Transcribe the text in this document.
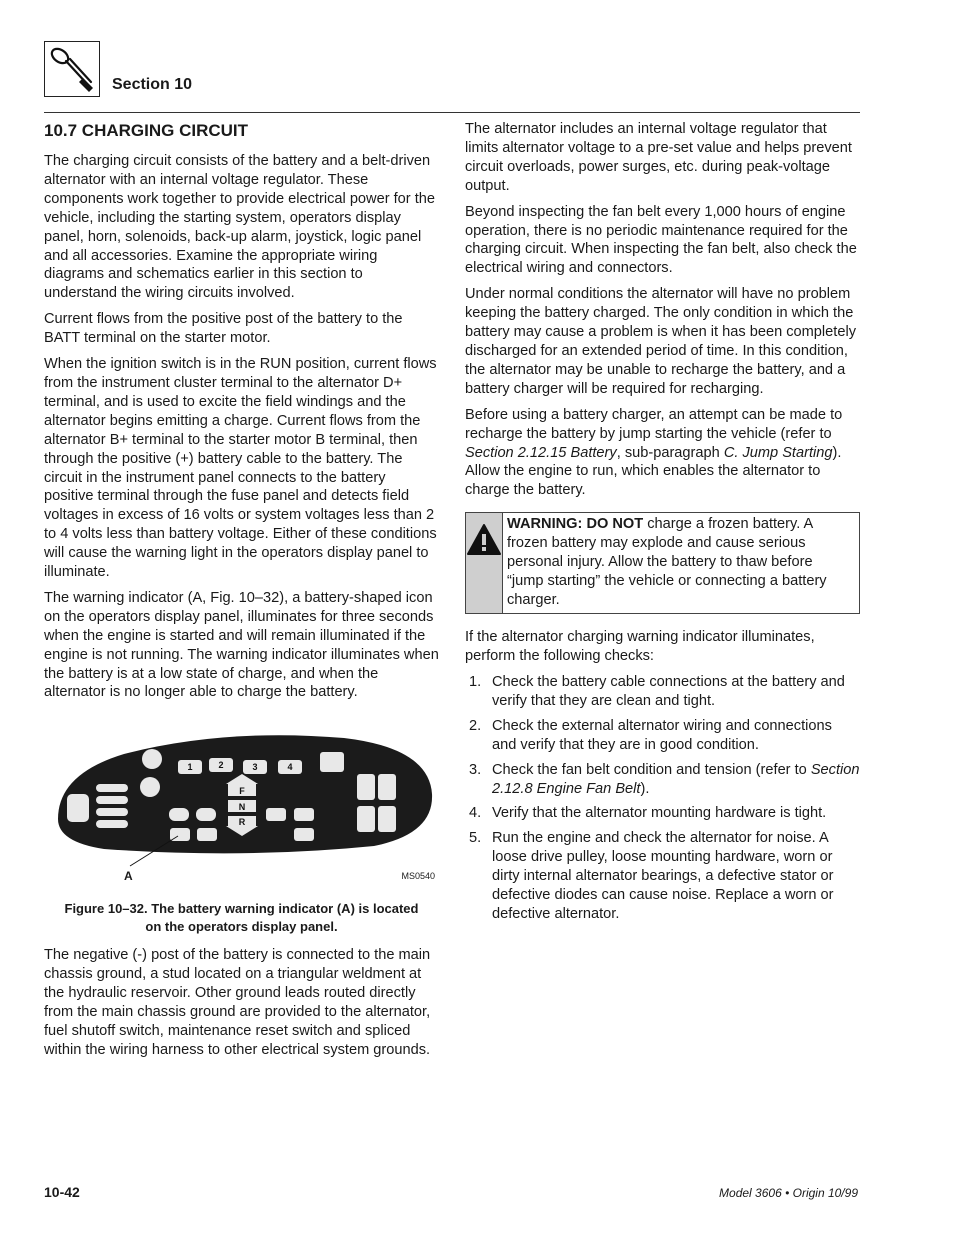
Section 10
10.7 CHARGING CIRCUIT

The charging circuit consists of the battery and a belt-driven alternator with an internal voltage regulator. These components work together to provide electrical power for the vehicle, including the starting system, operators display panel, horn, solenoids, back-up alarm, joystick, logic panel and all accessories. Examine the appropriate wiring diagrams and schematics earlier in this section to understand the wiring circuits involved.

Current flows from the positive post of the battery to the BATT terminal on the starter motor.

When the ignition switch is in the RUN position, current flows from the instrument cluster terminal to the alternator D+ terminal, and is used to excite the field windings and the alternator begins emitting a charge. Current flows from the alternator B+ terminal to the starter motor B terminal, then through the positive (+) battery cable to the battery. The circuit in the instrument panel connects to the battery positive terminal through the fuse panel and detects field voltages in excess of 16 volts or system voltages less than 2 to 4 volts less than battery voltage. Either of these conditions will cause the warning light in the operators display panel to illuminate.

The warning indicator (A, Fig. 10–32), a battery-shaped icon on the operators display panel, illuminates for three seconds when the engine is started and will remain illuminated if the engine is not running. The warning indicator illuminates when the battery is at a low state of charge, and when the alternator is no longer able to charge the battery.

1	2	3	4
F
N
R
A	MS0540
Figure 10–32. The battery warning indicator (A) is located
on the operators display panel.

The negative (-) post of the battery is connected to the main chassis ground, a stud located on a triangular weldment at the hydraulic reservoir. Other ground leads routed directly from the main chassis ground are provided to the alternator, fuel shutoff switch, maintenance reset switch and spliced within the wiring harness to other electrical system grounds.

The alternator includes an internal voltage regulator that limits alternator voltage to a pre-set value and helps prevent circuit overloads, power surges, etc. during peak-voltage output.

Beyond inspecting the fan belt every 1,000 hours of engine operation, there is no periodic maintenance required for the charging circuit. When inspecting the fan belt, also check the electrical wiring and connectors.

Under normal conditions the alternator will have no problem keeping the battery charged. The only condition in which the battery may cause a problem is when it has been completely discharged for an extended period of time. In this condition, the alternator may be unable to recharge the battery, and a battery charger will be required for recharging.

Before using a battery charger, an attempt can be made to recharge the battery by jump starting the vehicle (refer to Section 2.12.15 Battery, sub-paragraph C. Jump Starting). Allow the engine to run, which enables the alternator to charge the battery.

WARNING: DO NOT charge a frozen battery. A frozen battery may explode and cause serious personal injury. Allow the battery to thaw before “jump starting” the vehicle or connecting a battery charger.

If the alternator charging warning indicator illuminates, perform the following checks:

1. Check the battery cable connections at the battery and verify that they are clean and tight.
2. Check the external alternator wiring and connections and verify that they are in good condition.
3. Check the fan belt condition and tension (refer to Section 2.12.8 Engine Fan Belt).
4. Verify that the alternator mounting hardware is tight.
5. Run the engine and check the alternator for noise. A loose drive pulley, loose mounting hardware, worn or dirty internal alternator bearings, a defective stator or defective diodes can cause noise. Replace a worn or defective alternator.
10-42	Model 3606 • Origin 10/99
